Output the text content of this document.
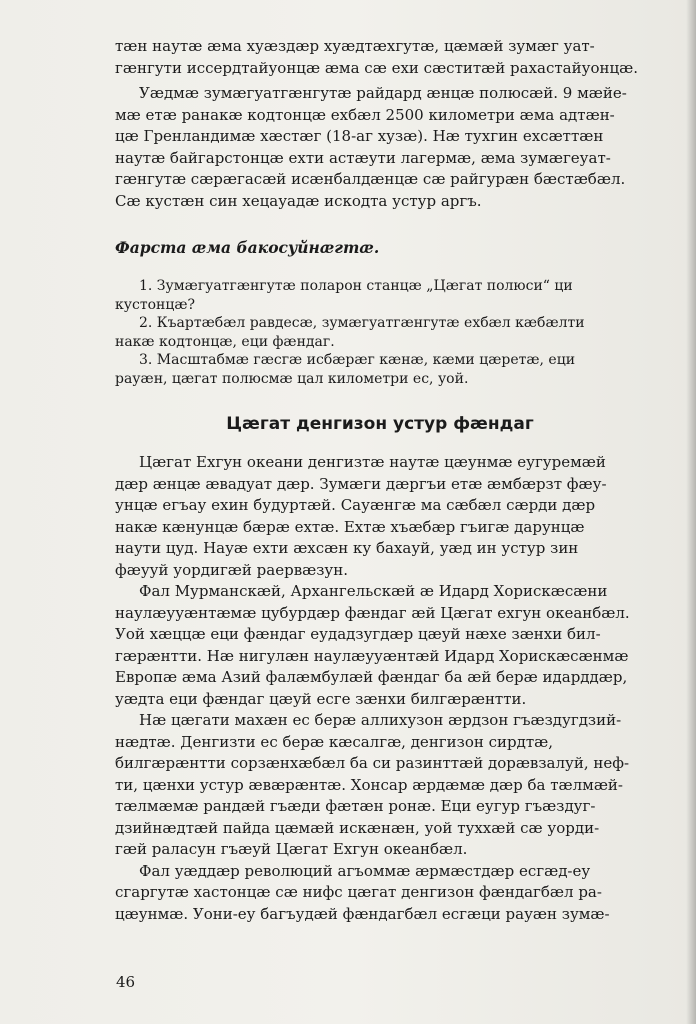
тæн наутæ æма хуæздæр хуæдтæхгутæ, цæмæй зумæг уат-
гæнгути иссердтайуонцæ æма сæ ехи сæститæй рахастайуонцæ.
Уæдмæ зумæгуатгæнгутæ райдард æнцæ полюсæй. 9 мæйе-
мæ етæ ранакæ кодтонцæ ехбæл 2500 километри æма адтæн-
цæ Гренландимæ хæстæг (18-аг хузæ). Нæ тухгин exсæттæн
наутæ байгарстонцæ ехти астæути лагермæ, æма зумæгеуат-
гæнгутæ сæрæгасæй исæнбалдæнцæ сæ райгурæн бæстæбæл.
Сæ кустæн син хецауадæ искодта устур аргъ.
Фарста æма бакосуйнæгтæ.
1. Зумæгуатгæнгутæ поларон станцæ „Цæгат полюси“ ци
кустонцæ?
2. Къартæбæл равдесæ, зумæгуатгæнгутæ ехбæл кæбæлти
накæ кодтонцæ, еци фæндаг.
3. Масштабмæ гæсгæ исбæрæг кæнæ, кæми цæретæ, еци
рауæн, цæгат полюсмæ цал километри ес, уой.
Цæгат денгизон устур фæндаг
Цæгат Ехгун океани денгизтæ наутæ цæунмæ еугуремæй
дæр æнцæ æвадуат дæр. Зумæги дæргъи етæ æмбæрзт фæу-
унцæ егъау ехин будуртæй. Сауæнгæ ма сæбæл сæрди дæр
накæ кæнунцæ бæрæ ехтæ. Ехтæ хъæбæр гъигæ дарунцæ
наути цуд. Науæ ехти æхсæн ку бахауй, уæд ин устур зин
фæууй уордигæй раервæзун.
Фал Мурманскæй, Архангельскæй æ Идард Хорискæсæни
наулæууæнтæмæ цубурдæр фæндаг æй Цæгат ехгун океанбæл.
Уой хæццæ еци фæндаг еудадзугдæр цæуй нæхе зæнхи бил-
гæрæнтти. Нæ нигулæн наулæууæнтæй Идард Хорискæсæнмæ
Европæ æма Азий фалæмбулæй фæндаг ба æй берæ идарддæр,
уæдта еци фæндаг цæуй есге зæнхи билгæрæнтти.
Нæ цæгати махæн ес берæ аллихузон æрдзон гъæздугдзий-
нæдтæ. Денгизти ес берæ кæсалгæ, денгизон сирдтæ,
билгæрæнтти сорзæнхæбæл ба си разинттæй дорæвзалуй, неф-
ти, цæнхи устур æвæрæнтæ. Хонсар æрдæмæ дæр ба тæлмæй-
тæлмæмæ рандæй гъæди фæтæн ронæ. Еци еугур гъæздуг-
дзийнæдтæй пайда цæмæй искæнæн, уой тухxæй сæ уорди-
гæй раласун гъæуй Цæгат Ехгун океанбæл.
Фал уæддæр революций агъоммæ æрмæстдæр есгæд-еу
сгаргутæ хастонцæ сæ нифс цæгат денгизон фæндагбæл ра-
цæунмæ. Уони-еу багъудæй фæндагбæл есгæци рауæн зумæ-
46
